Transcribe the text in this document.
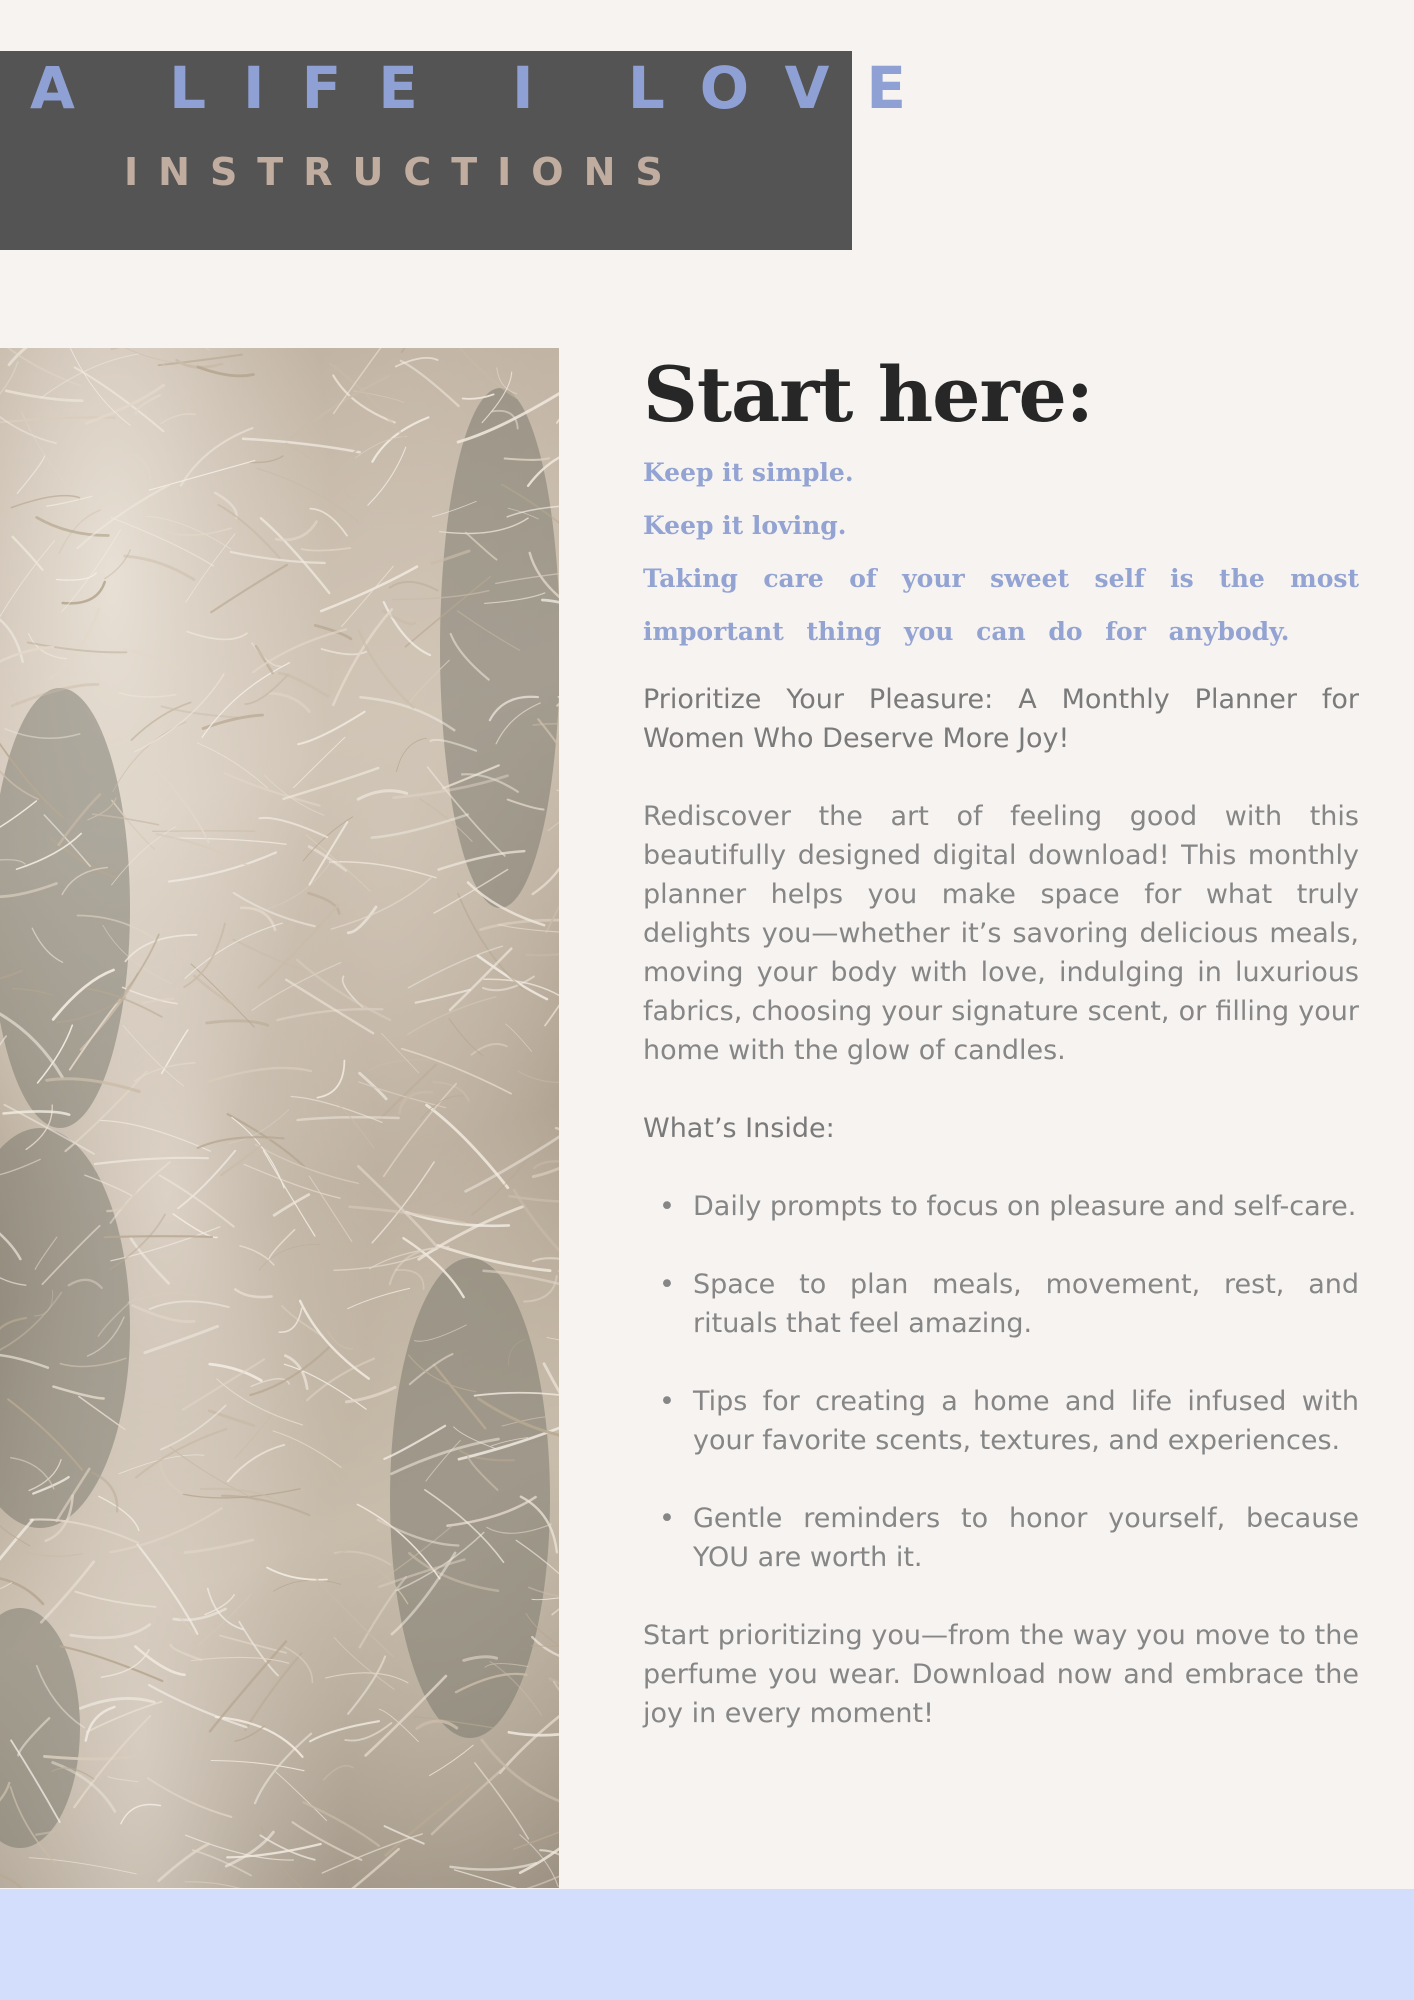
A LIFE I LOVE
INSTRUCTIONS
Start here:

Keep it simple.

Keep it loving.

Taking care of your sweet self is the most important thing you can do for anybody.

Prioritize Your Pleasure: A Monthly Planner for Women Who Deserve More Joy!

Rediscover the art of feeling good with this beautifully designed digital download! This monthly planner helps you make space for what truly delights you—whether it’s savoring delicious meals, moving your body with love, indulging in luxurious fabrics, choosing your signature scent, or filling your home with the glow of candles.

What’s Inside:

• Daily prompts to focus on pleasure and self-care.
• Space to plan meals, movement, rest, and rituals that feel amazing.
• Tips for creating a home and life infused with your favorite scents, textures, and experiences.
• Gentle reminders to honor yourself, because YOU are worth it.

Start prioritizing you—from the way you move to the perfume you wear. Download now and embrace the joy in every moment!
